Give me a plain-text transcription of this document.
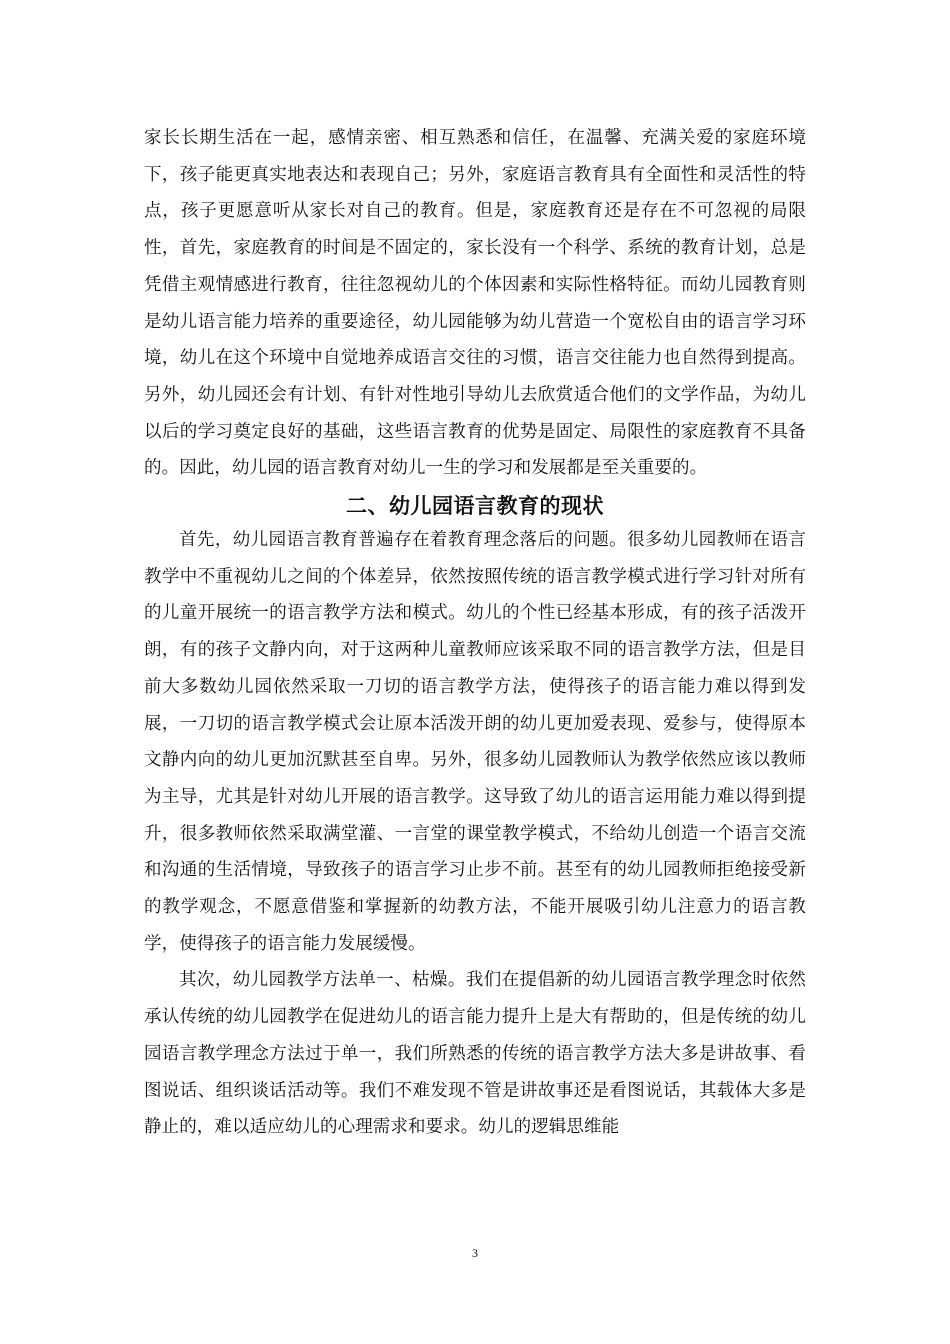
家长长期生活在一起，感情亲密、相互熟悉和信任，在温馨、充满关爱的家庭环境下，孩子能更真实地表达和表现自己；另外，家庭语言教育具有全面性和灵活性的特点，孩子更愿意听从家长对自己的教育。但是，家庭教育还是存在不可忽视的局限性，首先，家庭教育的时间是不固定的，家长没有一个科学、系统的教育计划，总是凭借主观情感进行教育，往往忽视幼儿的个体因素和实际性格特征。而幼儿园教育则是幼儿语言能力培养的重要途径，幼儿园能够为幼儿营造一个宽松自由的语言学习环境，幼儿在这个环境中自觉地养成语言交往的习惯，语言交往能力也自然得到提高。另外，幼儿园还会有计划、有针对性地引导幼儿去欣赏适合他们的文学作品，为幼儿以后的学习奠定良好的基础，这些语言教育的优势是固定、局限性的家庭教育不具备的。因此，幼儿园的语言教育对幼儿一生的学习和发展都是至关重要的。

二、幼儿园语言教育的现状

首先，幼儿园语言教育普遍存在着教育理念落后的问题。很多幼儿园教师在语言教学中不重视幼儿之间的个体差异，依然按照传统的语言教学模式进行学习针对所有的儿童开展统一的语言教学方法和模式。幼儿的个性已经基本形成，有的孩子活泼开朗，有的孩子文静内向，对于这两种儿童教师应该采取不同的语言教学方法，但是目前大多数幼儿园依然采取一刀切的语言教学方法，使得孩子的语言能力难以得到发展，一刀切的语言教学模式会让原本活泼开朗的幼儿更加爱表现、爱参与，使得原本文静内向的幼儿更加沉默甚至自卑。另外，很多幼儿园教师认为教学依然应该以教师为主导，尤其是针对幼儿开展的语言教学。这导致了幼儿的语言运用能力难以得到提升，很多教师依然采取满堂灌、一言堂的课堂教学模式，不给幼儿创造一个语言交流和沟通的生活情境，导致孩子的语言学习止步不前。甚至有的幼儿园教师拒绝接受新的教学观念，不愿意借鉴和掌握新的幼教方法，不能开展吸引幼儿注意力的语言教学，使得孩子的语言能力发展缓慢。

其次，幼儿园教学方法单一、枯燥。我们在提倡新的幼儿园语言教学理念时依然承认传统的幼儿园教学在促进幼儿的语言能力提升上是大有帮助的，但是传统的幼儿园语言教学理念方法过于单一，我们所熟悉的传统的语言教学方法大多是讲故事、看图说话、组织谈话活动等。我们不难发现不管是讲故事还是看图说话，其载体大多是静止的，难以适应幼儿的心理需求和要求。幼儿的逻辑思维能

3
